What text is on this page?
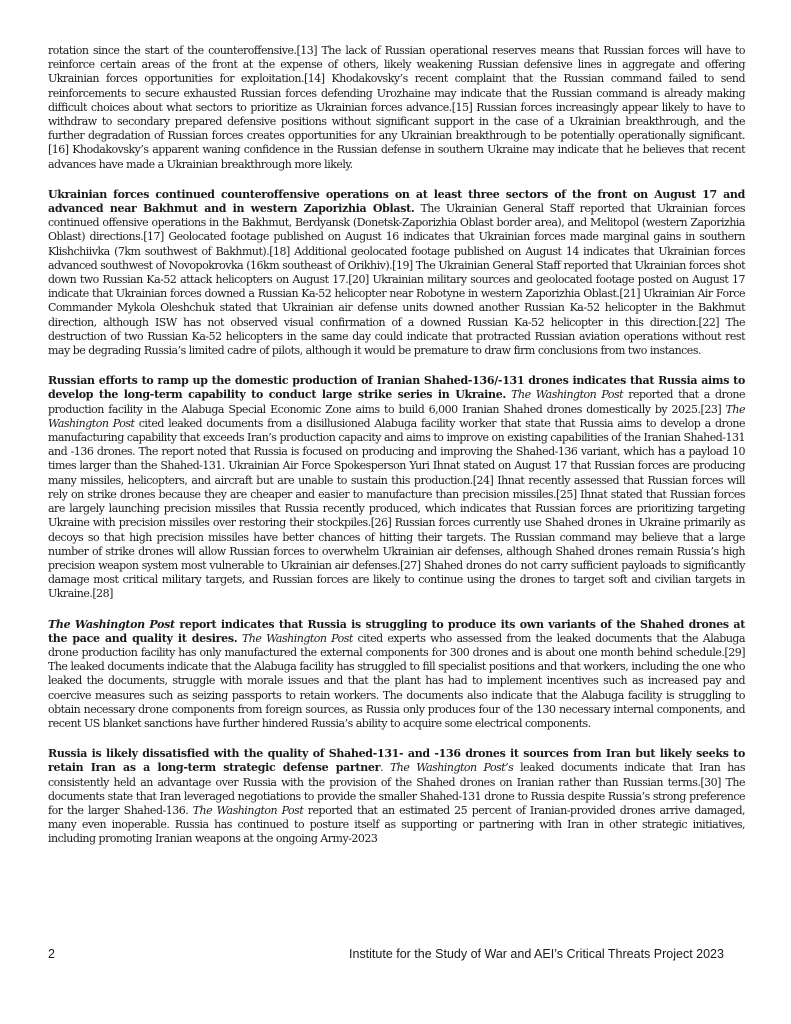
rotation since the start of the counteroffensive.[13] The lack of Russian operational reserves means that Russian forces will have to reinforce certain areas of the front at the expense of others, likely weakening Russian defensive lines in aggregate and offering Ukrainian forces opportunities for exploitation.[14] Khodakovsky’s recent complaint that the Russian command failed to send reinforcements to secure exhausted Russian forces defending Urozhaine may indicate that the Russian command is already making difficult choices about what sectors to prioritize as Ukrainian forces advance.[15] Russian forces increasingly appear likely to have to withdraw to secondary prepared defensive positions without significant support in the case of a Ukrainian breakthrough, and the further degradation of Russian forces creates opportunities for any Ukrainian breakthrough to be potentially operationally significant.[16] Khodakovsky’s apparent waning confidence in the Russian defense in southern Ukraine may indicate that he believes that recent advances have made a Ukrainian breakthrough more likely.

Ukrainian forces continued counteroffensive operations on at least three sectors of the front on August 17 and advanced near Bakhmut and in western Zaporizhia Oblast. The Ukrainian General Staff reported that Ukrainian forces continued offensive operations in the Bakhmut, Berdyansk (Donetsk-Zaporizhia Oblast border area), and Melitopol (western Zaporizhia Oblast) directions.[17] Geolocated footage published on August 16 indicates that Ukrainian forces made marginal gains in southern Klishchiivka (7km southwest of Bakhmut).[18] Additional geolocated footage published on August 14 indicates that Ukrainian forces advanced southwest of Novopokrovka (16km southeast of Orikhiv).[19] The Ukrainian General Staff reported that Ukrainian forces shot down two Russian Ka-52 attack helicopters on August 17.[20] Ukrainian military sources and geolocated footage posted on August 17 indicate that Ukrainian forces downed a Russian Ka-52 helicopter near Robotyne in western Zaporizhia Oblast.[21] Ukrainian Air Force Commander Mykola Oleshchuk stated that Ukrainian air defense units downed another Russian Ka-52 helicopter in the Bakhmut direction, although ISW has not observed visual confirmation of a downed Russian Ka-52 helicopter in this direction.[22] The destruction of two Russian Ka-52 helicopters in the same day could indicate that protracted Russian aviation operations without rest may be degrading Russia’s limited cadre of pilots, although it would be premature to draw firm conclusions from two instances.

Russian efforts to ramp up the domestic production of Iranian Shahed-136/-131 drones indicates that Russia aims to develop the long-term capability to conduct large strike series in Ukraine. The Washington Post reported that a drone production facility in the Alabuga Special Economic Zone aims to build 6,000 Iranian Shahed drones domestically by 2025.[23] The Washington Post cited leaked documents from a disillusioned Alabuga facility worker that state that Russia aims to develop a drone manufacturing capability that exceeds Iran’s production capacity and aims to improve on existing capabilities of the Iranian Shahed-131 and -136 drones. The report noted that Russia is focused on producing and improving the Shahed-136 variant, which has a payload 10 times larger than the Shahed-131. Ukrainian Air Force Spokesperson Yuri Ihnat stated on August 17 that Russian forces are producing many missiles, helicopters, and aircraft but are unable to sustain this production.[24] Ihnat recently assessed that Russian forces will rely on strike drones because they are cheaper and easier to manufacture than precision missiles.[25] Ihnat stated that Russian forces are largely launching precision missiles that Russia recently produced, which indicates that Russian forces are prioritizing targeting Ukraine with precision missiles over restoring their stockpiles.[26] Russian forces currently use Shahed drones in Ukraine primarily as decoys so that high precision missiles have better chances of hitting their targets. The Russian command may believe that a large number of strike drones will allow Russian forces to overwhelm Ukrainian air defenses, although Shahed drones remain Russia’s high precision weapon system most vulnerable to Ukrainian air defenses.[27] Shahed drones do not carry sufficient payloads to significantly damage most critical military targets, and Russian forces are likely to continue using the drones to target soft and civilian targets in Ukraine.[28]

The Washington Post report indicates that Russia is struggling to produce its own variants of the Shahed drones at the pace and quality it desires. The Washington Post cited experts who assessed from the leaked documents that the Alabuga drone production facility has only manufactured the external components for 300 drones and is about one month behind schedule.[29] The leaked documents indicate that the Alabuga facility has struggled to fill specialist positions and that workers, including the one who leaked the documents, struggle with morale issues and that the plant has had to implement incentives such as increased pay and coercive measures such as seizing passports to retain workers. The documents also indicate that the Alabuga facility is struggling to obtain necessary drone components from foreign sources, as Russia only produces four of the 130 necessary internal components, and recent US blanket sanctions have further hindered Russia’s ability to acquire some electrical components.

Russia is likely dissatisfied with the quality of Shahed-131- and -136 drones it sources from Iran but likely seeks to retain Iran as a long-term strategic defense partner. The Washington Post’s leaked documents indicate that Iran has consistently held an advantage over Russia with the provision of the Shahed drones on Iranian rather than Russian terms.[30] The documents state that Iran leveraged negotiations to provide the smaller Shahed-131 drone to Russia despite Russia’s strong preference for the larger Shahed-136. The Washington Post reported that an estimated 25 percent of Iranian-provided drones arrive damaged, many even inoperable. Russia has continued to posture itself as supporting or partnering with Iran in other strategic initiatives, including promoting Iranian weapons at the ongoing Army-2023

2	Institute for the Study of War and AEI’s Critical Threats Project 2023
